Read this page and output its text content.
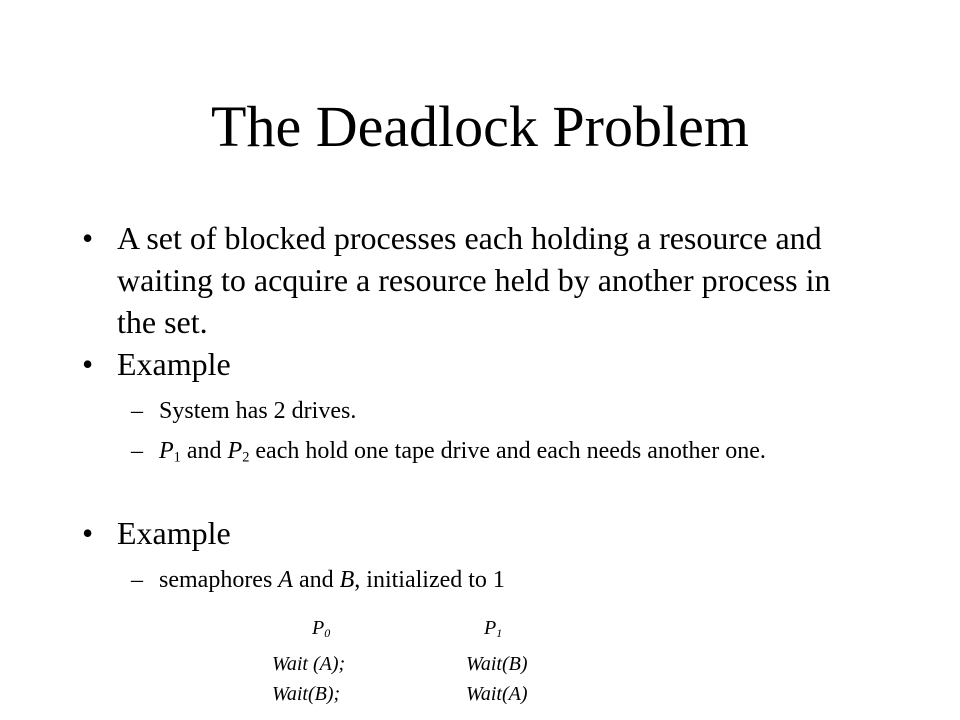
The Deadlock Problem
• A set of blocked processes each holding a resource and waiting to acquire a resource held by another process in the set.
• Example
– System has 2 drives.
– $P_1$ and $P_2$ each hold one tape drive and each needs another one.
• Example
– semaphores A and B, initialized to 1
$P_0$	$P_1$
Wait (A);	Wait(B)
Wait(B);	Wait(A)
